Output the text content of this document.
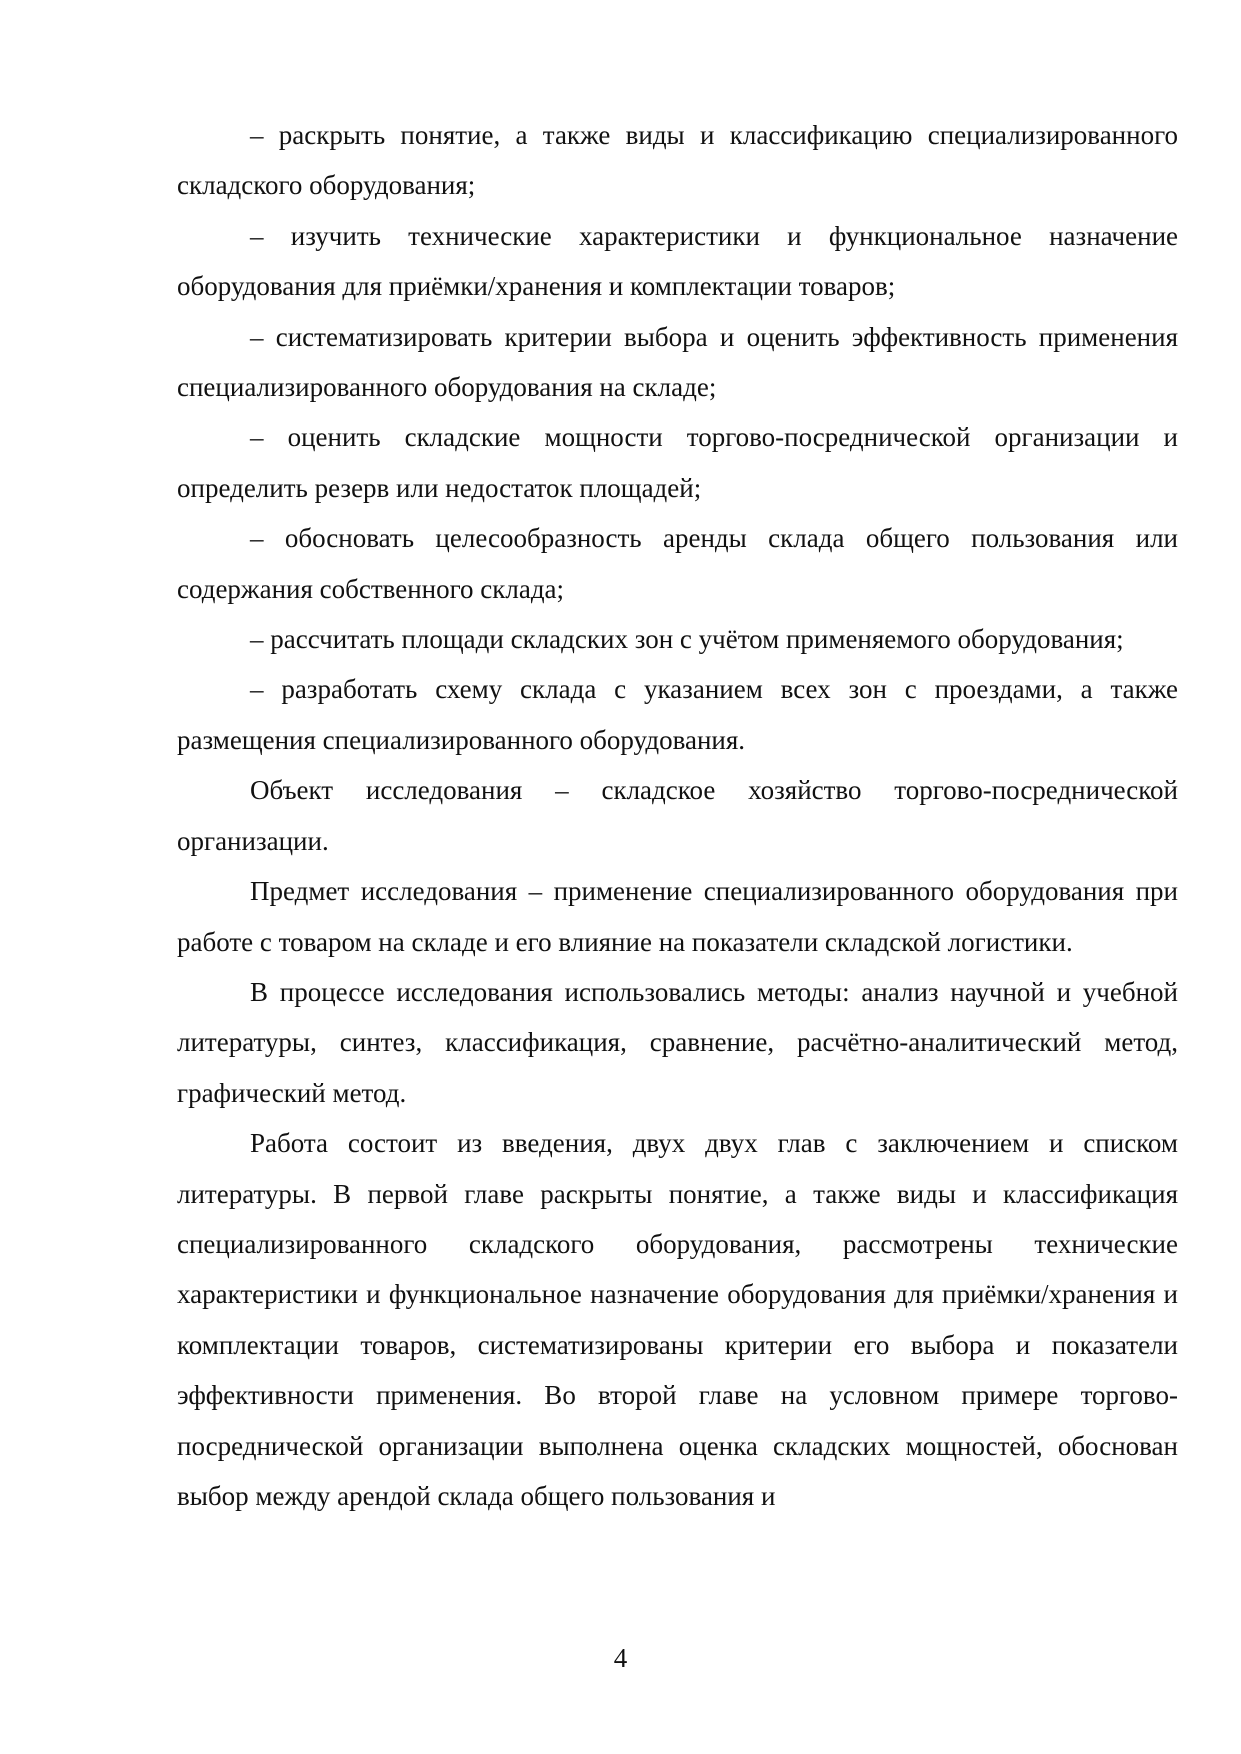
– раскрыть понятие, а также виды и классификацию специализированного складского оборудования;

– изучить технические характеристики и функциональное назначение оборудования для приёмки/хранения и комплектации товаров;

– систематизировать критерии выбора и оценить эффективность применения специализированного оборудования на складе;

– оценить складские мощности торгово-посреднической организации и определить резерв или недостаток площадей;

– обосновать целесообразность аренды склада общего пользования или содержания собственного склада;

– рассчитать площади складских зон с учётом применяемого оборудования;

– разработать схему склада с указанием всех зон с проездами, а также размещения специализированного оборудования.

Объект исследования – складское хозяйство торгово-посреднической организации.

Предмет исследования – применение специализированного оборудования при работе с товаром на складе и его влияние на показатели складской логистики.

В процессе исследования использовались методы: анализ научной и учебной литературы, синтез, классификация, сравнение, расчётно-аналитический метод, графический метод.

Работа состоит из введения, двух двух глав с заключением и списком литературы. В первой главе раскрыты понятие, а также виды и классификация специализированного складского оборудования, рассмотрены технические характеристики и функциональное назначение оборудования для приёмки/хранения и комплектации товаров, систематизированы критерии его выбора и показатели эффективности применения. Во второй главе на условном примере торгово-посреднической организации выполнена оценка складских мощностей, обоснован выбор между арендой склада общего пользования и

4
